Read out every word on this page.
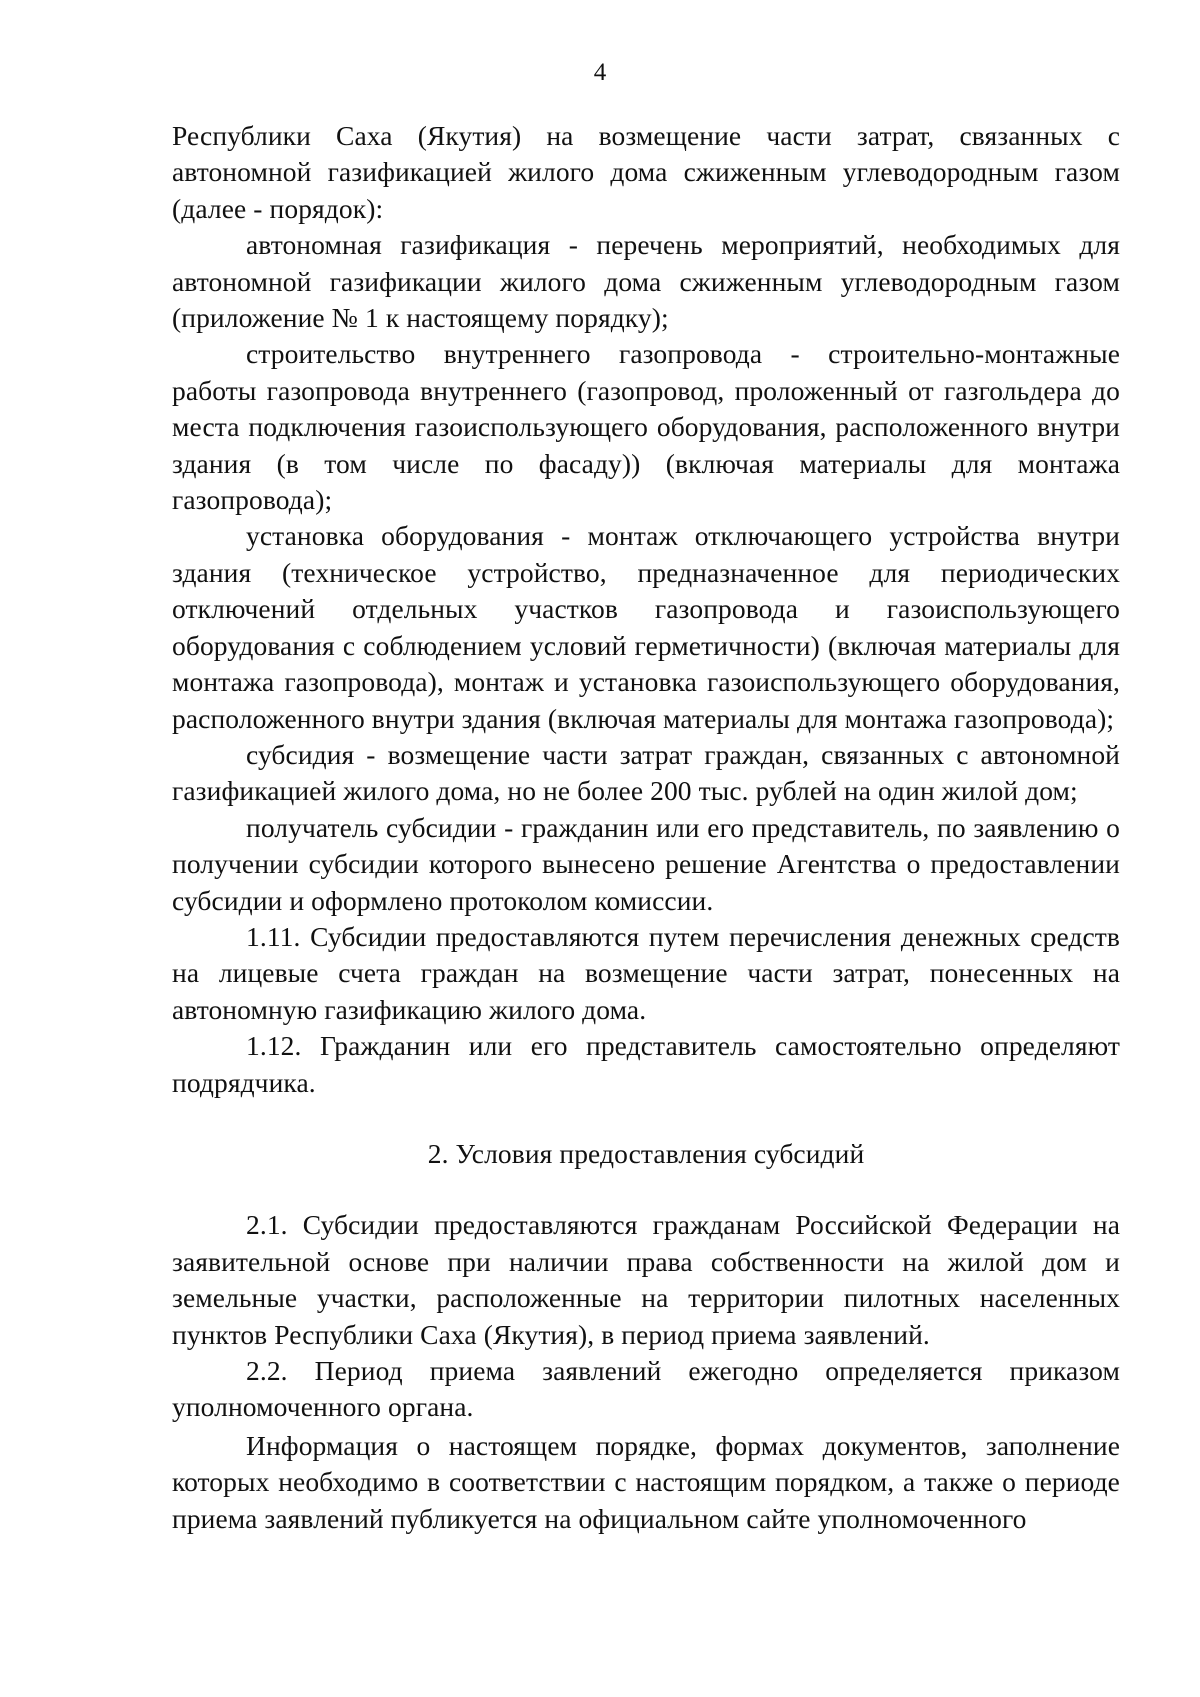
4

Республики Саха (Якутия) на возмещение части затрат, связанных с автономной газификацией жилого дома сжиженным углеводородным газом (далее - порядок):

автономная газификация - перечень мероприятий, необходимых для автономной газификации жилого дома сжиженным углеводородным газом (приложение № 1 к настоящему порядку);

строительство внутреннего газопровода - строительно-монтажные работы газопровода внутреннего (газопровод, проложенный от газгольдера до места подключения газоиспользующего оборудования, расположенного внутри здания (в том числе по фасаду)) (включая материалы для монтажа газопровода);

установка оборудования - монтаж отключающего устройства внутри здания (техническое устройство, предназначенное для периодических отключений отдельных участков газопровода и газоиспользующего оборудования с соблюдением условий герметичности) (включая материалы для монтажа газопровода), монтаж и установка газоиспользующего оборудования, расположенного внутри здания (включая материалы для монтажа газопровода);

субсидия - возмещение части затрат граждан, связанных с автономной газификацией жилого дома, но не более 200 тыс. рублей на один жилой дом;

получатель субсидии - гражданин или его представитель, по заявлению о получении субсидии которого вынесено решение Агентства о предоставлении субсидии и оформлено протоколом комиссии.

1.11. Субсидии предоставляются путем перечисления денежных средств на лицевые счета граждан на возмещение части затрат, понесенных на автономную газификацию жилого дома.

1.12. Гражданин или его представитель самостоятельно определяют подрядчика.

2. Условия предоставления субсидий

2.1. Субсидии предоставляются гражданам Российской Федерации на заявительной основе при наличии права собственности на жилой дом и земельные участки, расположенные на территории пилотных населенных пунктов Республики Саха (Якутия), в период приема заявлений.

2.2. Период приема заявлений ежегодно определяется приказом уполномоченного органа.

Информация о настоящем порядке, формах документов, заполнение которых необходимо в соответствии с настоящим порядком, а также о периоде приема заявлений публикуется на официальном сайте уполномоченного
